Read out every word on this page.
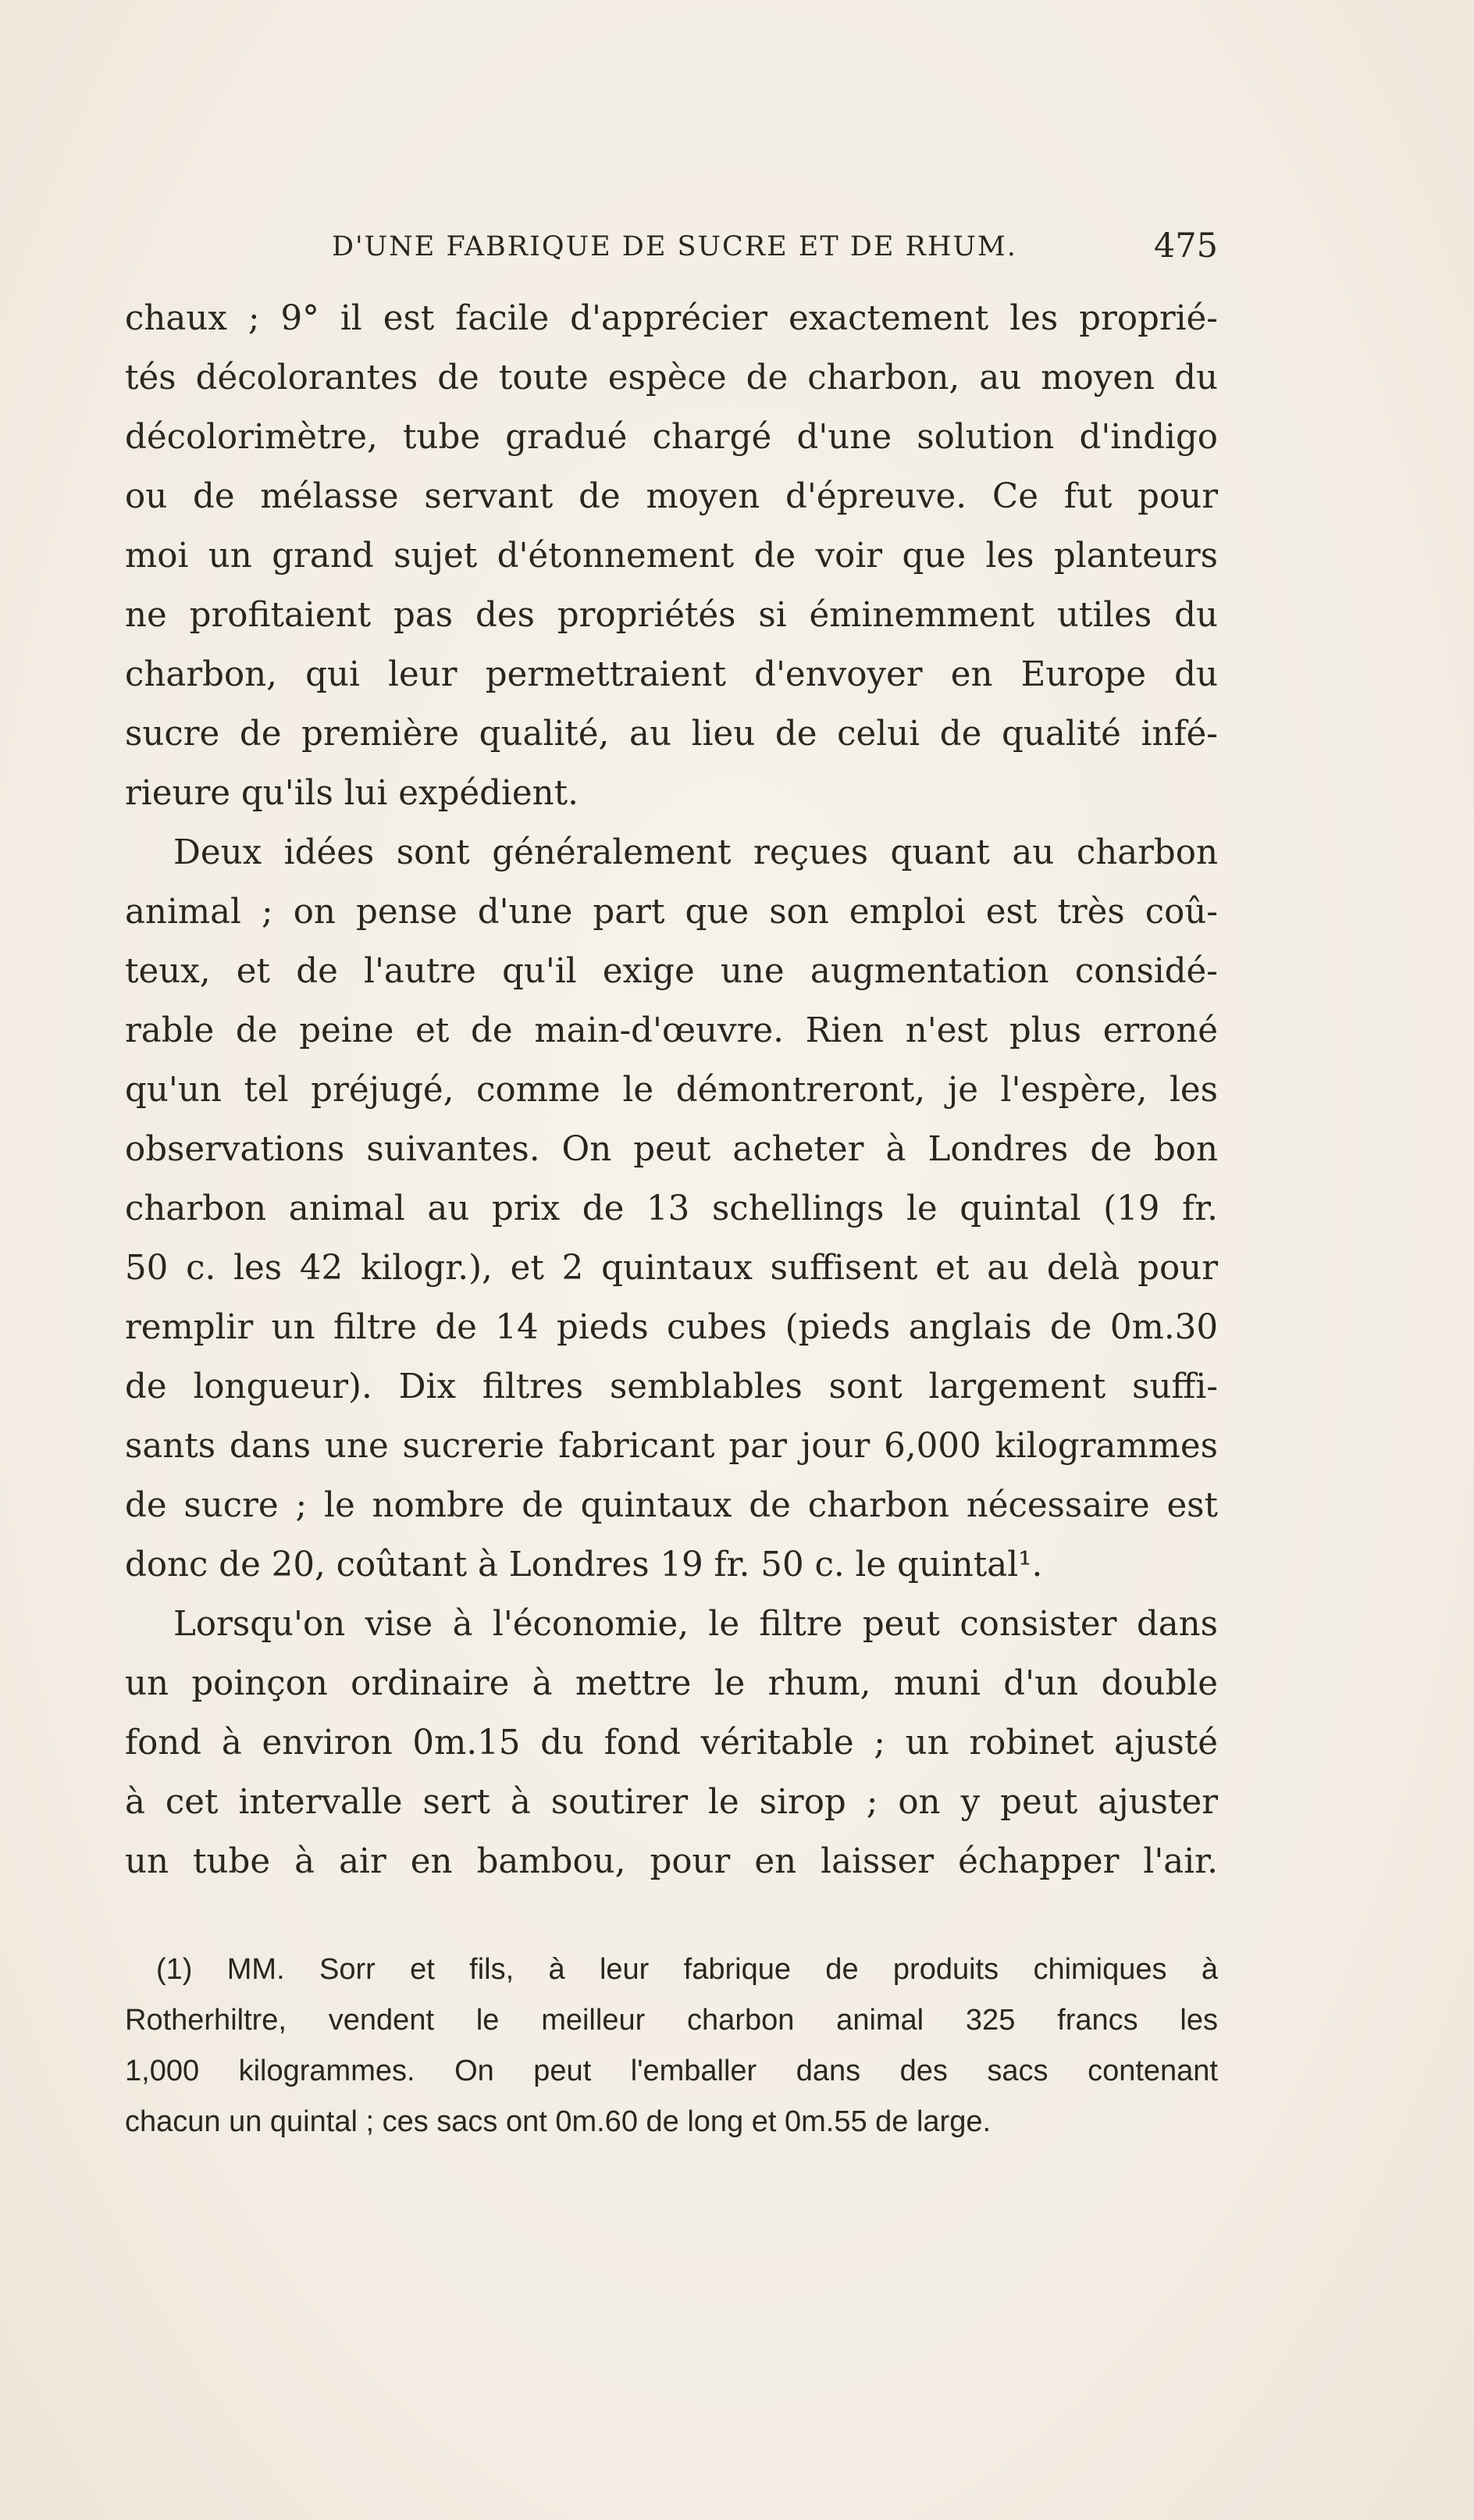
D'UNE FABRIQUE DE SUCRE ET DE RHUM.	475
chaux ; 9° il est facile d'apprécier exactement les proprié-
tés décolorantes de toute espèce de charbon, au moyen du
décolorimètre, tube gradué chargé d'une solution d'indigo
ou de mélasse servant de moyen d'épreuve. Ce fut pour
moi un grand sujet d'étonnement de voir que les planteurs
ne profitaient pas des propriétés si éminemment utiles du
charbon, qui leur permettraient d'envoyer en Europe du
sucre de première qualité, au lieu de celui de qualité infé-
rieure qu'ils lui expédient.
Deux idées sont généralement reçues quant au charbon
animal ; on pense d'une part que son emploi est très coû-
teux, et de l'autre qu'il exige une augmentation considé-
rable de peine et de main-d'œuvre. Rien n'est plus erroné
qu'un tel préjugé, comme le démontreront, je l'espère, les
observations suivantes. On peut acheter à Londres de bon
charbon animal au prix de 13 schellings le quintal (19 fr.
50 c. les 42 kilogr.), et 2 quintaux suffisent et au delà pour
remplir un filtre de 14 pieds cubes (pieds anglais de 0m.30
de longueur). Dix filtres semblables sont largement suffi-
sants dans une sucrerie fabricant par jour 6,000 kilogrammes
de sucre ; le nombre de quintaux de charbon nécessaire est
donc de 20, coûtant à Londres 19 fr. 50 c. le quintal¹.
Lorsqu'on vise à l'économie, le filtre peut consister dans
un poinçon ordinaire à mettre le rhum, muni d'un double
fond à environ 0m.15 du fond véritable ; un robinet ajusté
à cet intervalle sert à soutirer le sirop ; on y peut ajuster
un tube à air en bambou, pour en laisser échapper l'air.
(1) MM. Sorr et fils, à leur fabrique de produits chimiques à
Rotherhiltre, vendent le meilleur charbon animal 325 francs les
1,000 kilogrammes. On peut l'emballer dans des sacs contenant
chacun un quintal ; ces sacs ont 0m.60 de long et 0m.55 de large.
